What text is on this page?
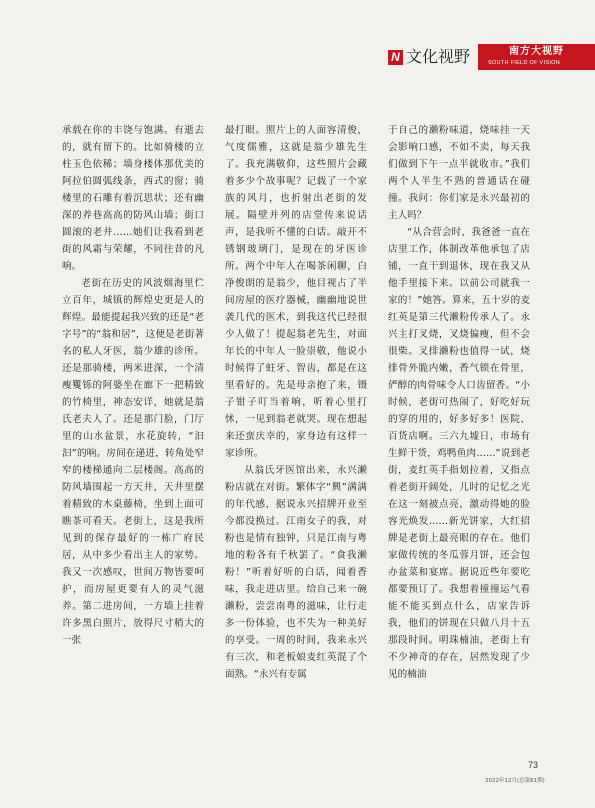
N 文化视野	南方大视野
SOUTH FIELD OF VISION

承载在你的丰饶与饱满。有逝去的，就有留下的。比如骑楼的立柱玉色依稀；墙身楼体那优美的阿拉伯圆弧线条，西式的窗；骑楼里的石雕有着沉思状；还有幽深的养巷高高的防风山墙；街口圆滚的老井……她们让我看到老街的风霜与荣耀，不同往昔的凡响。

老街在历史的风波烟海里伫立百年，城镇的辉煌史更是人的辉煌。最能提起我兴致的还是“老字号”的“翁和居”，这便是老街著名的私人牙医，翁少雄的诊所。还是那骑楼，两米进深，一个清瘦矍铄的阿婆坐在廊下一把精致的竹椅里，神态安详，她就是翁氏老夫人了。还是那门脸，门厅里的山水盆景，水花旋转，“汩汩”的响。房间在递进，转角处窄窄的楼梯通向二层楼阁。高高的防风墙围起一方天井，天井里摆着精致的木桌藤椅，坐到上面可瞧茶可看天。老街上，这是我所见到的保存最好的一栋广府民居，从中多少看出主人的家势。我又一次感叹，世间万物皆要呵护，而房屋更要有人的灵气滋养。第二进房间，一方墙上挂着许多黑白照片，放得尺寸稍大的一张

最打眼。照片上的人面容清俊，气度儒雅，这就是翁少雄先生了。我充满敬仰，这些照片会藏着多少个故事呢？记载了一个家族的风月，也折射出老街的发展。隔壁并列的店堂传来说话声，是我听不懂的白话。敲开不锈钢玻璃门，是现在的牙医诊所。两个中年人在喝茶闲聊，白净俊朗的是翁少，他目视占了半间房屋的医疗器械，幽幽地说世袭几代的医术，到我这代已经很少人做了！提起翁老先生，对面年长的中年人一脸崇敬，他说小时候得了蛀牙、智齿，都是在这里看好的。先是母亲抱了来，镊子钳子叮当着响，听着心里打怵，一见到翁老就哭。现在想起来还蛮庆幸的，家身边有这样一家诊所。

从翁氏牙医馆出来，永兴濑粉店就在对街。繁体字“興”满满的年代感，据说永兴招牌开业至今都没换过。江南女子的我，对粉也是情有独钟，只是江南与粤地的粉各有千秋罢了。“食我濑粉！”听着好听的白话，闻着香味，我走进店里。给自己来一碗濑粉，尝尝南粤的滋味，让行走多一份体验，也不失为一种美好的享受。一周的时间，我来永兴有三次，和老板娘麦红英混了个面熟。“永兴有专属

于自己的濑粉味道，烧味挂一天会影响口感，不如不卖，每天我们做到下午一点半就收市。”我们两个人半生不熟的普通话在碰撞。我问：你们家是永兴最初的主人吗？

“从合营会时，我爸爸一直在店里工作，体制改革他承包了店铺，一直干到退休，现在我又从他手里接下来。以前公司就我一家的！”她答。算来，五十岁的麦红英是第三代濑粉传承人了。永兴主打叉烧，叉烧偏瘦，但不会很柴。叉排濑粉也值得一试，烧排骨外脆内嫩，香气锁在骨里，俨醇的肉骨味令人口齿留香。“小时候，老街可热闹了，好吃好玩的穿的用的，好多好多！医院、百货店啊。三六九墟日，市场有生鲜干货，鸡鸭鱼肉……”说到老街，麦红英手指划拉着，又指点着老街开阔处，儿时的记忆之光在这一刻被点亮，激动得她的脸容光焕发……新光饼家，大红招牌是老街上最亮眼的存在。他们家做传统的冬瓜蓉月饼，还会包办盆菜和宴席。据说近些年要吃都要预订了。我想着撞撞运气看能不能买到点什么，店家告诉我，他们的饼现在只做八月十五那段时间。明珠楠油，老街上有不少神奇的存在，居然发现了少见的楠油

73
2022年12月(总第61期)
